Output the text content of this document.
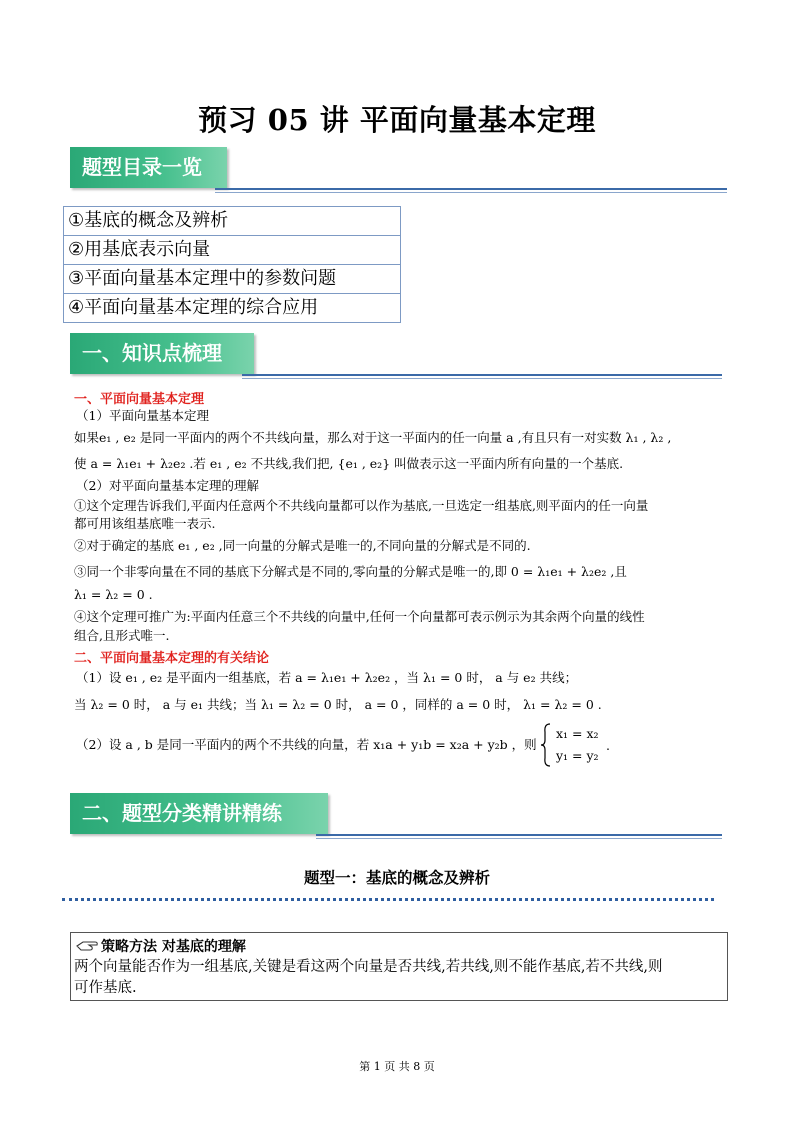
预习 05 讲 平面向量基本定理
题型目录一览
①基底的概念及辨析
②用基底表示向量
③平面向量基本定理中的参数问题
④平面向量基本定理的综合应用
一、知识点梳理
一、平面向量基本定理
（1）平面向量基本定理
如果e₁ , e₂ 是同一平面内的两个不共线向量，那么对于这一平面内的任一向量 a ,有且只有一对实数 λ₁ , λ₂ ,
使 a = λ₁e₁ + λ₂e₂ .若 e₁ , e₂ 不共线,我们把, {e₁ , e₂} 叫做表示这一平面内所有向量的一个基底.
（2）对平面向量基本定理的理解
①这个定理告诉我们,平面内任意两个不共线向量都可以作为基底,一旦选定一组基底,则平面内的任一向量
都可用该组基底唯一表示.
②对于确定的基底 e₁ , e₂ ,同一向量的分解式是唯一的,不同向量的分解式是不同的.
③同一个非零向量在不同的基底下分解式是不同的,零向量的分解式是唯一的,即 0 = λ₁e₁ + λ₂e₂ ,且
λ₁ = λ₂ = 0 .
④这个定理可推广为:平面内任意三个不共线的向量中,任何一个向量都可表示例示为其余两个向量的线性
组合,且形式唯一.
二、平面向量基本定理的有关结论
（1）设 e₁ , e₂ 是平面内一组基底，若 a = λ₁e₁ + λ₂e₂ ，当 λ₁ = 0 时， a 与 e₂ 共线；
当 λ₂ = 0 时， a 与 e₁ 共线；当 λ₁ = λ₂ = 0 时， a = 0 ，同样的 a = 0 时， λ₁ = λ₂ = 0 .
（2）设 a , b 是同一平面内的两个不共线的向量，若 x₁a + y₁b = x₂a + y₂b ，则
x₁ = x₂
y₁ = y₂
.
二、题型分类精讲精练
题型一：基底的概念及辨析
策略方法 对基底的理解
两个向量能否作为一组基底,关键是看这两个向量是否共线,若共线,则不能作基底,若不共线,则
可作基底.
第 1 页 共 8 页
